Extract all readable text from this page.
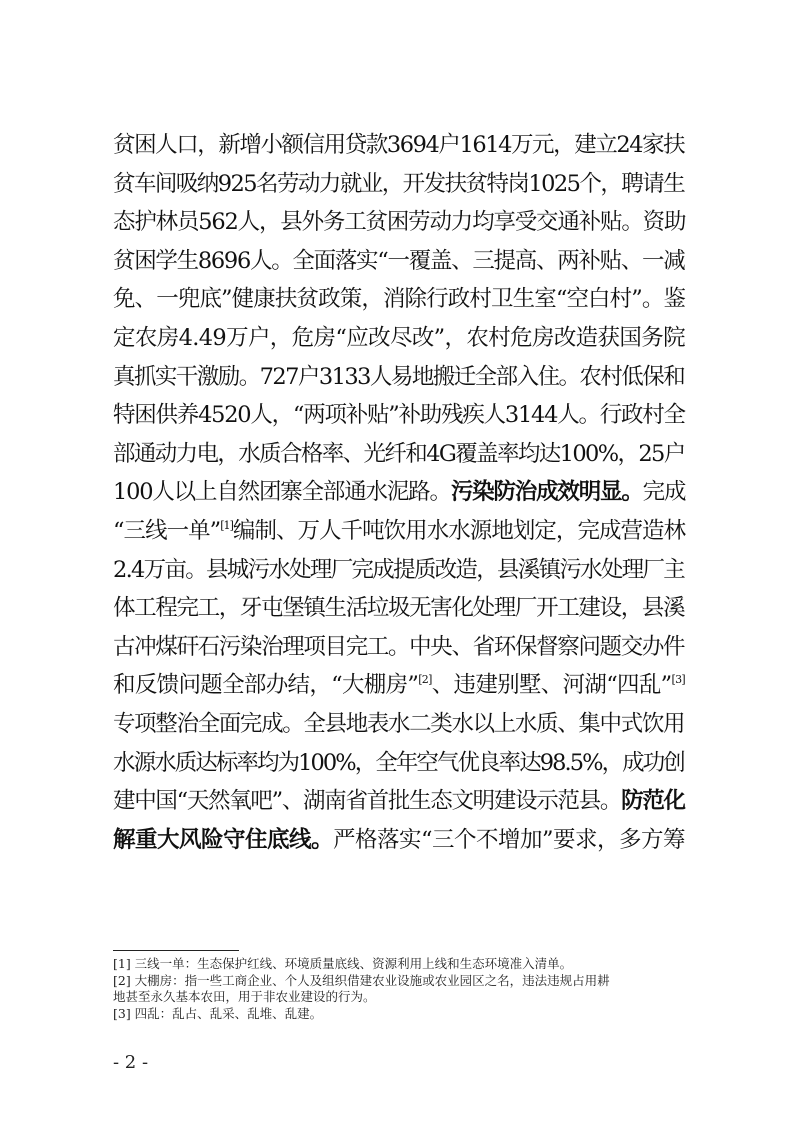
贫困人口，新增小额信用贷款3694户1614万元，建立24家扶
贫车间吸纳925名劳动力就业，开发扶贫特岗1025个，聘请生
态护林员562人，县外务工贫困劳动力均享受交通补贴。资助
贫困学生8696人。全面落实“一覆盖、三提高、两补贴、一减
免、一兜底”健康扶贫政策，消除行政村卫生室“空白村”。鉴
定农房4.49万户，危房“应改尽改”，农村危房改造获国务院
真抓实干激励。727户3133人易地搬迁全部入住。农村低保和
特困供养4520人，“两项补贴”补助残疾人3144人。行政村全
部通动力电，水质合格率、光纤和4G覆盖率均达100%，25户
100人以上自然团寨全部通水泥路。污染防治成效明显。完成
“三线一单”[1]编制、万人千吨饮用水水源地划定，完成营造林
2.4万亩。县城污水处理厂完成提质改造，县溪镇污水处理厂主
体工程完工，牙屯堡镇生活垃圾无害化处理厂开工建设，县溪
古冲煤矸石污染治理项目完工。中央、省环保督察问题交办件
和反馈问题全部办结，“大棚房”[2]、违建别墅、河湖“四乱”[3]
专项整治全面完成。全县地表水二类水以上水质、集中式饮用
水源水质达标率均为100%，全年空气优良率达98.5%，成功创
建中国“天然氧吧”、湖南省首批生态文明建设示范县。防范化
解重大风险守住底线。严格落实“三个不增加”要求，多方筹
[1] 三线一单：生态保护红线、环境质量底线、资源利用上线和生态环境准入清单。
[2] 大棚房：指一些工商企业、个人及组织借建农业设施或农业园区之名，违法违规占用耕
地甚至永久基本农田，用于非农业建设的行为。
[3] 四乱：乱占、乱采、乱堆、乱建。
- 2 -
